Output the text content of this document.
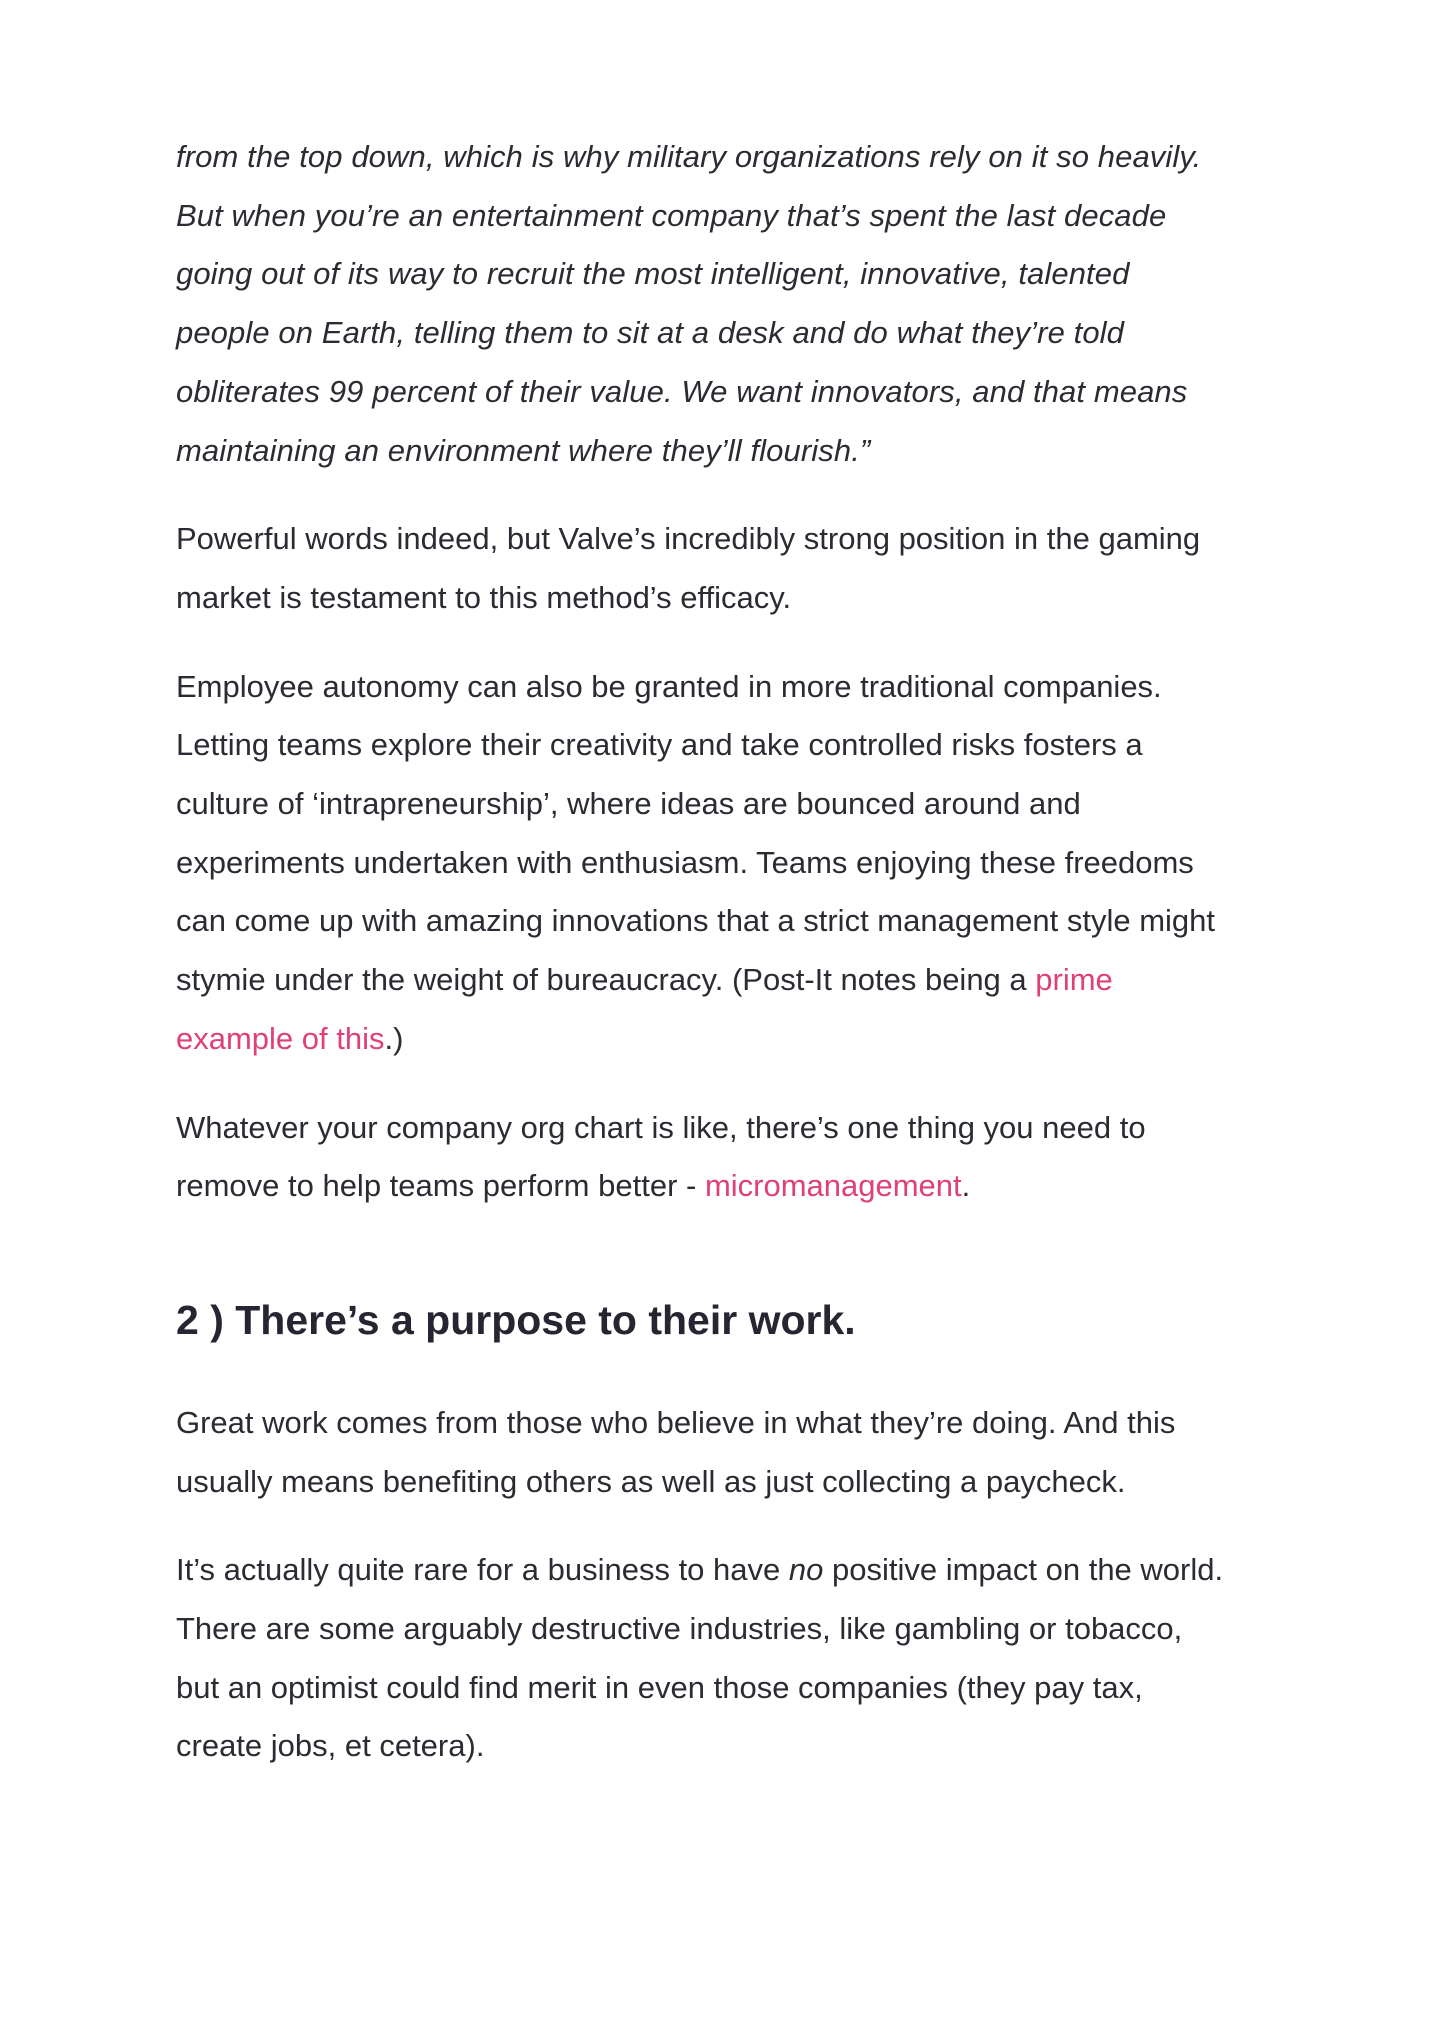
from the top down, which is why military organizations rely on it so heavily.
But when you’re an entertainment company that’s spent the last decade
going out of its way to recruit the most intelligent, innovative, talented
people on Earth, telling them to sit at a desk and do what they’re told
obliterates 99 percent of their value. We want innovators, and that means
maintaining an environment where they’ll flourish.”

Powerful words indeed, but Valve’s incredibly strong position in the gaming
market is testament to this method’s efficacy.

Employee autonomy can also be granted in more traditional companies.
Letting teams explore their creativity and take controlled risks fosters a
culture of ‘intrapreneurship’, where ideas are bounced around and
experiments undertaken with enthusiasm. Teams enjoying these freedoms
can come up with amazing innovations that a strict management style might
stymie under the weight of bureaucracy. (Post-It notes being a prime
example of this.)

Whatever your company org chart is like, there’s one thing you need to
remove to help teams perform better - micromanagement.

2 ) There’s a purpose to their work.

Great work comes from those who believe in what they’re doing. And this
usually means benefiting others as well as just collecting a paycheck.

It’s actually quite rare for a business to have no positive impact on the world.
There are some arguably destructive industries, like gambling or tobacco,
but an optimist could find merit in even those companies (they pay tax,
create jobs, et cetera).
